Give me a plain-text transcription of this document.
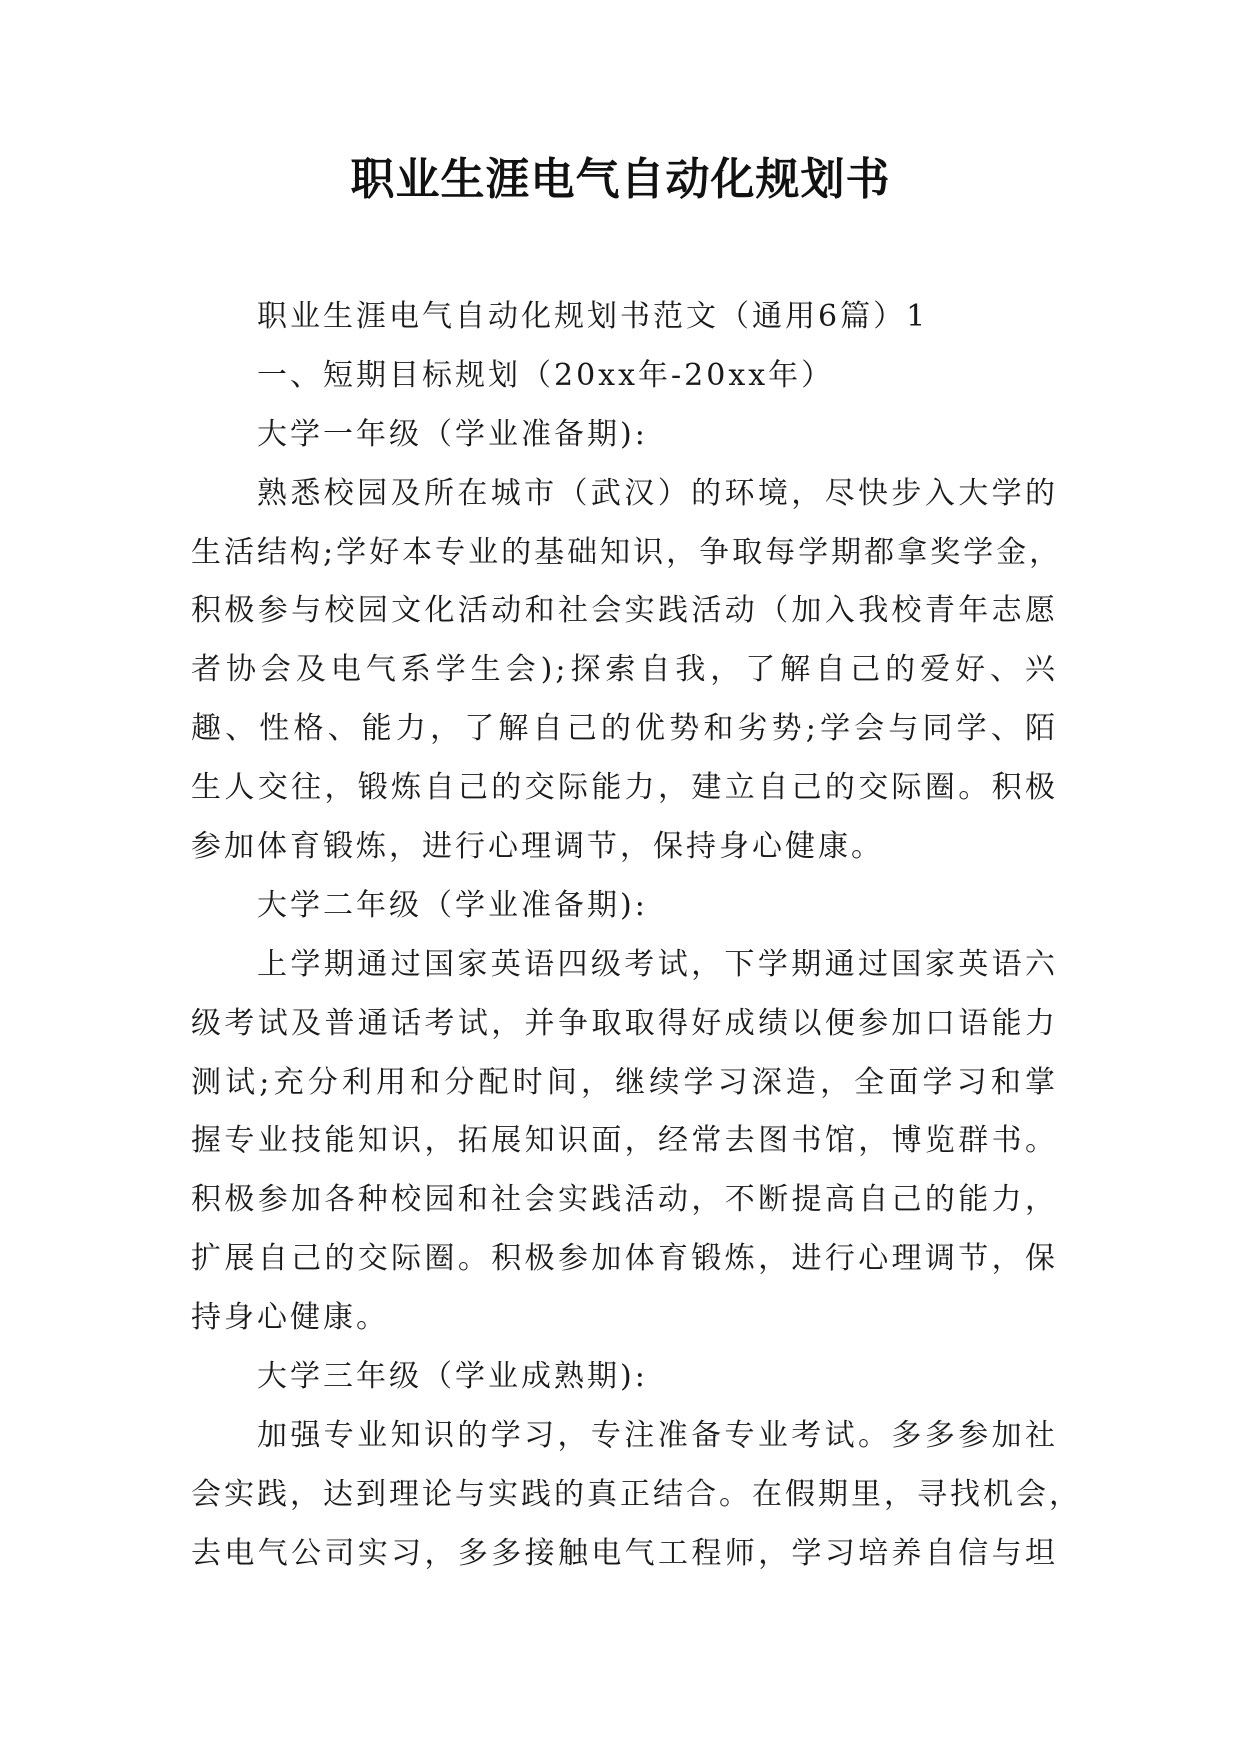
职业生涯电气自动化规划书
职业生涯电气自动化规划书范文（通用6篇）1
一、短期目标规划（20xx年-20xx年）
大学一年级（学业准备期):
熟悉校园及所在城市（武汉）的环境，尽快步入大学的
生活结构;学好本专业的基础知识，争取每学期都拿奖学金，
积极参与校园文化活动和社会实践活动（加入我校青年志愿
者协会及电气系学生会);探索自我，了解自己的爱好、兴
趣、性格、能力，了解自己的优势和劣势;学会与同学、陌
生人交往，锻炼自己的交际能力，建立自己的交际圈。积极
参加体育锻炼，进行心理调节，保持身心健康。
大学二年级（学业准备期):
上学期通过国家英语四级考试，下学期通过国家英语六
级考试及普通话考试，并争取取得好成绩以便参加口语能力
测试;充分利用和分配时间，继续学习深造，全面学习和掌
握专业技能知识，拓展知识面，经常去图书馆，博览群书。
积极参加各种校园和社会实践活动，不断提高自己的能力，
扩展自己的交际圈。积极参加体育锻炼，进行心理调节，保
持身心健康。
大学三年级（学业成熟期):
加强专业知识的学习，专注准备专业考试。多多参加社
会实践，达到理论与实践的真正结合。在假期里，寻找机会，
去电气公司实习，多多接触电气工程师，学习培养自信与坦
